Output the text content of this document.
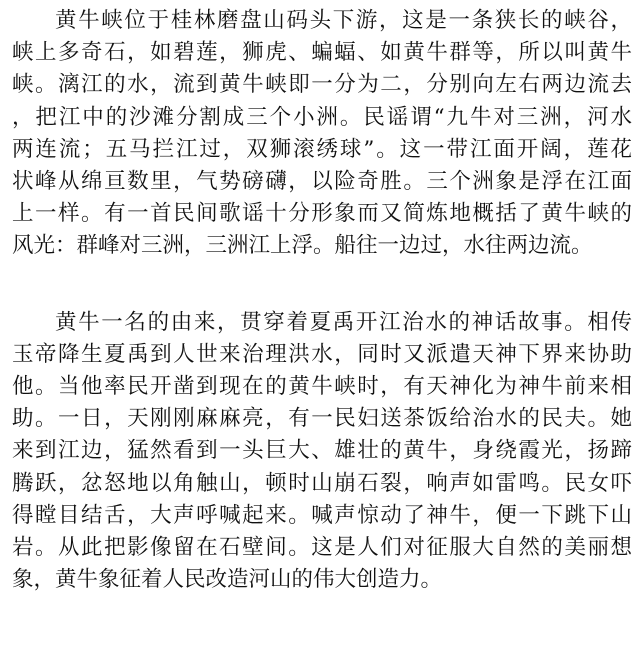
黄牛峡位于桂林磨盘山码头下游，这是一条狭长的峡谷，
峡上多奇石，如碧莲，狮虎、蝙蝠、如黄牛群等，所以叫黄牛
峡。漓江的水，流到黄牛峡即一分为二，分别向左右两边流去
，把江中的沙滩分割成三个小洲。民谣谓“九牛对三洲，河水
两连流；五马拦江过，双狮滚绣球”。这一带江面开阔，莲花
状峰从绵亘数里，气势磅礴，以险奇胜。三个洲象是浮在江面
上一样。有一首民间歌谣十分形象而又简炼地概括了黄牛峡的
风光：群峰对三洲，三洲江上浮。船往一边过，水往两边流。
黄牛一名的由来，贯穿着夏禹开江治水的神话故事。相传
玉帝降生夏禹到人世来治理洪水，同时又派遣天神下界来协助
他。当他率民开凿到现在的黄牛峡时，有天神化为神牛前来相
助。一日，天刚刚麻麻亮，有一民妇送茶饭给治水的民夫。她
来到江边，猛然看到一头巨大、雄壮的黄牛，身绕霞光，扬蹄
腾跃，忿怒地以角触山，顿时山崩石裂，响声如雷鸣。民女吓
得瞠目结舌，大声呼喊起来。喊声惊动了神牛，便一下跳下山
岩。从此把影像留在石壁间。这是人们对征服大自然的美丽想
象，黄牛象征着人民改造河山的伟大创造力。
